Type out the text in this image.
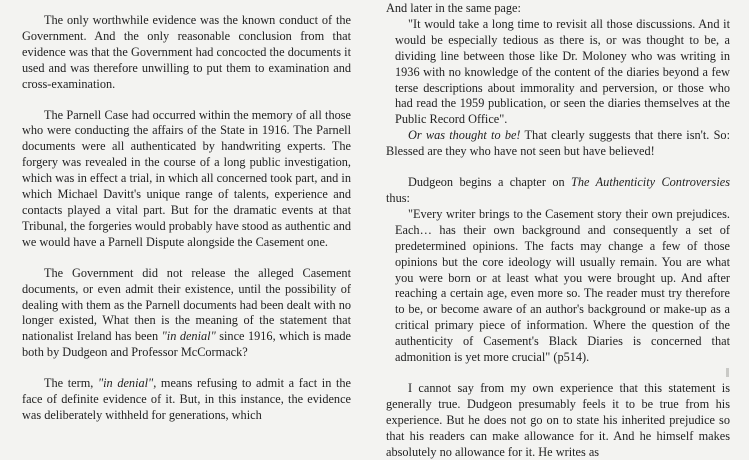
The only worthwhile evidence was the known conduct of the Government. And the only reasonable conclusion from that evidence was that the Government had concocted the documents it used and was therefore unwilling to put them to examination and cross-examination.

The Parnell Case had occurred within the memory of all those who were conducting the affairs of the State in 1916. The Parnell documents were all authenticated by handwriting experts. The forgery was revealed in the course of a long public investigation, which was in effect a trial, in which all concerned took part, and in which Michael Davitt's unique range of talents, experience and contacts played a vital part. But for the dramatic events at that Tribunal, the forgeries would probably have stood as authentic and we would have a Parnell Dispute alongside the Casement one.

The Government did not release the alleged Casement documents, or even admit their existence, until the possibility of dealing with them as the Parnell documents had been dealt with no longer existed, What then is the meaning of the statement that nationalist Ireland has been "in denial" since 1916, which is made both by Dudgeon and Professor McCormack?

The term, "in denial", means refusing to admit a fact in the face of definite evidence of it. But, in this instance, the evidence was deliberately withheld for generations, which

And later in the same page:

"It would take a long time to revisit all those discussions. And it would be especially tedious as there is, or was thought to be, a dividing line between those like Dr. Moloney who was writing in 1936 with no knowledge of the content of the diaries beyond a few terse descriptions about immorality and perversion, or those who had read the 1959 publication, or seen the diaries themselves at the Public Record Office".

Or was thought to be! That clearly suggests that there isn't. So: Blessed are they who have not seen but have believed!

Dudgeon begins a chapter on The Authenticity Controversies thus:

"Every writer brings to the Casement story their own prejudices. Each… has their own background and consequently a set of predetermined opinions. The facts may change a few of those opinions but the core ideology will usually remain. You are what you were born or at least what you were brought up. And after reaching a certain age, even more so. The reader must try therefore to be, or become aware of an author's background or make-up as a critical primary piece of information. Where the question of the authenticity of Casement's Black Diaries is concerned that admonition is yet more crucial" (p514).

I cannot say from my own experience that this statement is generally true. Dudgeon presumably feels it to be true from his experience. But he does not go on to state his inherited prejudice so that his readers can make allowance for it. And he himself makes absolutely no allowance for it. He writes as
